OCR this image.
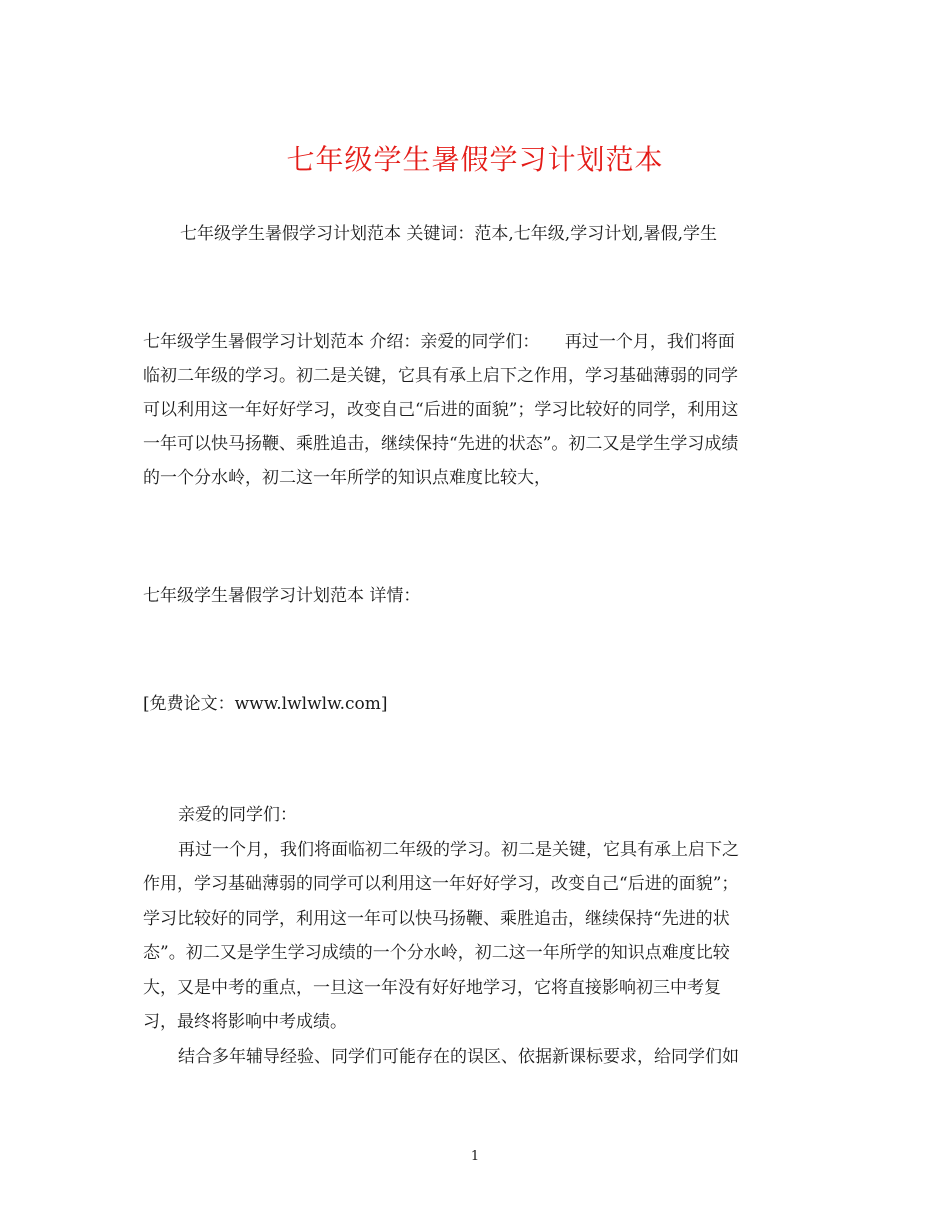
七年级学生暑假学习计划范本
七年级学生暑假学习计划范本 关键词：范本,七年级,学习计划,暑假,学生
七年级学生暑假学习计划范本 介绍：亲爱的同学们：　　再过一个月，我们将面
临初二年级的学习。初二是关键，它具有承上启下之作用，学习基础薄弱的同学
可以利用这一年好好学习，改变自己“后进的面貌”；学习比较好的同学，利用这
一年可以快马扬鞭、乘胜追击，继续保持“先进的状态”。初二又是学生学习成绩
的一个分水岭，初二这一年所学的知识点难度比较大，
七年级学生暑假学习计划范本 详情：
[免费论文：www.lwlwlw.com]
亲爱的同学们：
再过一个月，我们将面临初二年级的学习。初二是关键，它具有承上启下之
作用，学习基础薄弱的同学可以利用这一年好好学习，改变自己“后进的面貌”；
学习比较好的同学，利用这一年可以快马扬鞭、乘胜追击，继续保持“先进的状
态”。初二又是学生学习成绩的一个分水岭，初二这一年所学的知识点难度比较
大，又是中考的重点，一旦这一年没有好好地学习，它将直接影响初三中考复
习，最终将影响中考成绩。
结合多年辅导经验、同学们可能存在的误区、依据新课标要求，给同学们如
1
